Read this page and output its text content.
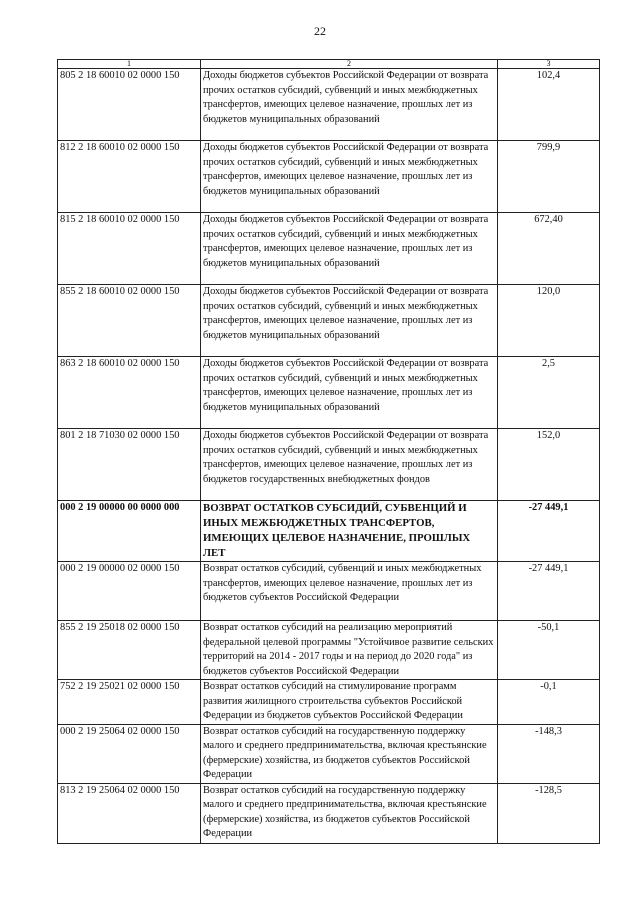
22
1	2	3
805 2 18 60010 02 0000 150	Доходы бюджетов субъектов Российской Федерации от возврата прочих остатков субсидий, субвенций и иных межбюджетных трансфертов, имеющих целевое назначение, прошлых лет из бюджетов муниципальных образований	102,4
812 2 18 60010 02 0000 150	Доходы бюджетов субъектов Российской Федерации от возврата прочих остатков субсидий, субвенций и иных межбюджетных трансфертов, имеющих целевое назначение, прошлых лет из бюджетов муниципальных образований	799,9
815 2 18 60010 02 0000 150	Доходы бюджетов субъектов Российской Федерации от возврата прочих остатков субсидий, субвенций и иных межбюджетных трансфертов, имеющих целевое назначение, прошлых лет из бюджетов муниципальных образований	672,40
855 2 18 60010 02 0000 150	Доходы бюджетов субъектов Российской Федерации от возврата прочих остатков субсидий, субвенций и иных межбюджетных трансфертов, имеющих целевое назначение, прошлых лет из бюджетов муниципальных образований	120,0
863 2 18 60010 02 0000 150	Доходы бюджетов субъектов Российской Федерации от возврата прочих остатков субсидий, субвенций и иных межбюджетных трансфертов, имеющих целевое назначение, прошлых лет из бюджетов муниципальных образований	2,5
801 2 18 71030 02 0000 150	Доходы бюджетов субъектов Российской Федерации от возврата прочих остатков субсидий, субвенций и иных межбюджетных трансфертов, имеющих целевое назначение, прошлых лет из бюджетов государственных внебюджетных фондов	152,0
000 2 19 00000 00 0000 000	ВОЗВРАТ ОСТАТКОВ СУБСИДИЙ, СУБВЕНЦИЙ И ИНЫХ МЕЖБЮДЖЕТНЫХ ТРАНСФЕРТОВ, ИМЕЮЩИХ ЦЕЛЕВОЕ НАЗНАЧЕНИЕ, ПРОШЛЫХ ЛЕТ	-27 449,1
000 2 19 00000 02 0000 150	Возврат остатков субсидий, субвенций и иных межбюджетных трансфертов, имеющих целевое назначение, прошлых лет из бюджетов субъектов Российской Федерации	-27 449,1
855 2 19 25018 02 0000 150	Возврат остатков субсидий на реализацию мероприятий федеральной целевой программы "Устойчивое развитие сельских территорий на 2014 - 2017 годы и на период до 2020 года" из бюджетов субъектов Российской Федерации	-50,1
752 2 19 25021 02 0000 150	Возврат остатков субсидий на стимулирование программ развития жилищного строительства субъектов Российской Федерации из бюджетов субъектов Российской Федерации	-0,1
000 2 19 25064 02 0000 150	Возврат остатков субсидий на государственную поддержку малого и среднего предпринимательства, включая крестьянские (фермерские) хозяйства, из бюджетов субъектов Российской Федерации	-148,3
813 2 19 25064 02 0000 150	Возврат остатков субсидий на государственную поддержку малого и среднего предпринимательства, включая крестьянские (фермерские) хозяйства, из бюджетов субъектов Российской Федерации	-128,5
